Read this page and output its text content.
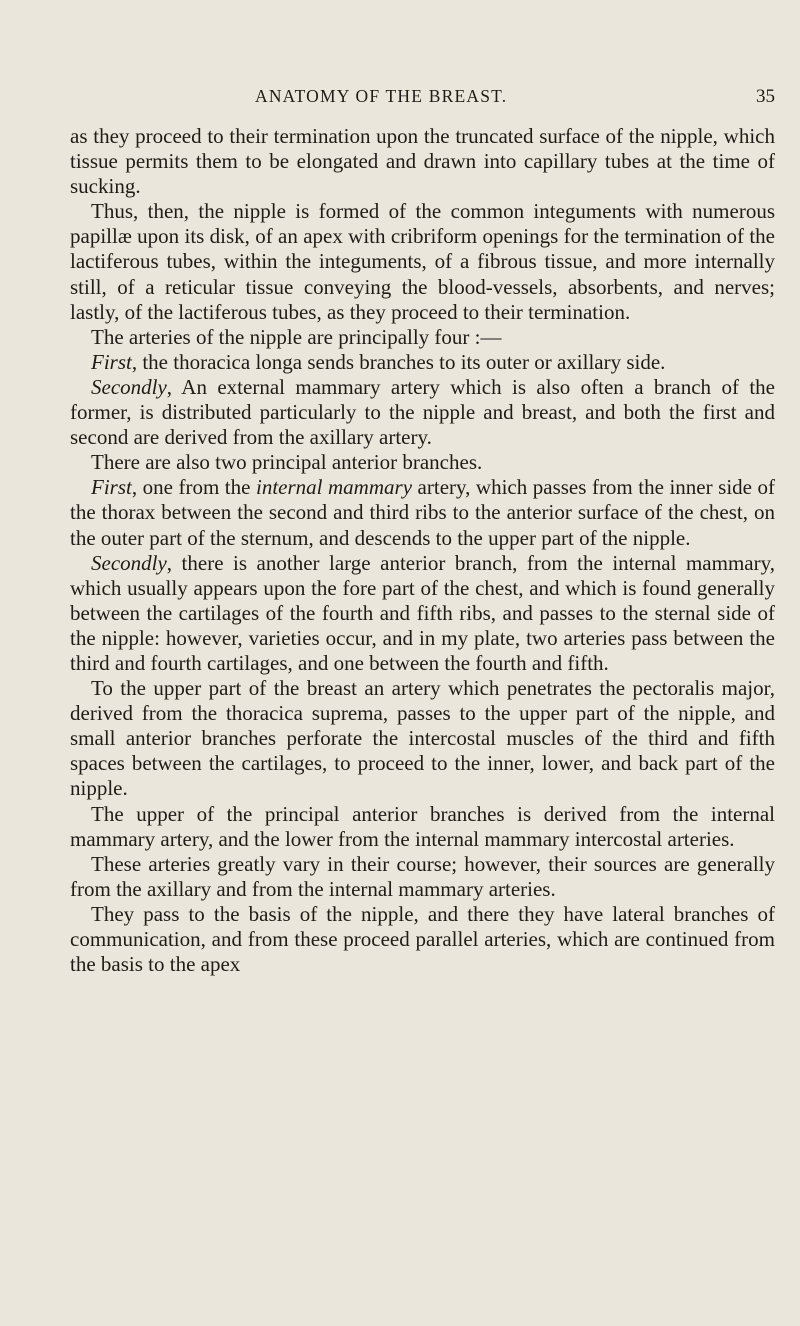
ANATOMY OF THE BREAST.	35

as they proceed to their termination upon the truncated surface of the nipple, which tissue permits them to be elongated and drawn into capillary tubes at the time of sucking.

Thus, then, the nipple is formed of the common integuments with numerous papillæ upon its disk, of an apex with cribriform openings for the termination of the lactiferous tubes, within the integuments, of a fibrous tissue, and more internally still, of a reticular tissue conveying the blood-vessels, absorbents, and nerves; lastly, of the lactiferous tubes, as they proceed to their termination.

The arteries of the nipple are principally four :—

First, the thoracica longa sends branches to its outer or axillary side.

Secondly, An external mammary artery which is also often a branch of the former, is distributed particularly to the nipple and breast, and both the first and second are derived from the axillary artery.

There are also two principal anterior branches.

First, one from the internal mammary artery, which passes from the inner side of the thorax between the second and third ribs to the anterior surface of the chest, on the outer part of the sternum, and descends to the upper part of the nipple.

Secondly, there is another large anterior branch, from the internal mammary, which usually appears upon the fore part of the chest, and which is found generally between the cartilages of the fourth and fifth ribs, and passes to the sternal side of the nipple: however, varieties occur, and in my plate, two arteries pass between the third and fourth cartilages, and one between the fourth and fifth.

To the upper part of the breast an artery which penetrates the pectoralis major, derived from the thoracica suprema, passes to the upper part of the nipple, and small anterior branches perforate the intercostal muscles of the third and fifth spaces between the cartilages, to proceed to the inner, lower, and back part of the nipple.

The upper of the principal anterior branches is derived from the internal mammary artery, and the lower from the internal mammary intercostal arteries.

These arteries greatly vary in their course; however, their sources are generally from the axillary and from the internal mammary arteries.

They pass to the basis of the nipple, and there they have lateral branches of communication, and from these proceed parallel arteries, which are continued from the basis to the apex
